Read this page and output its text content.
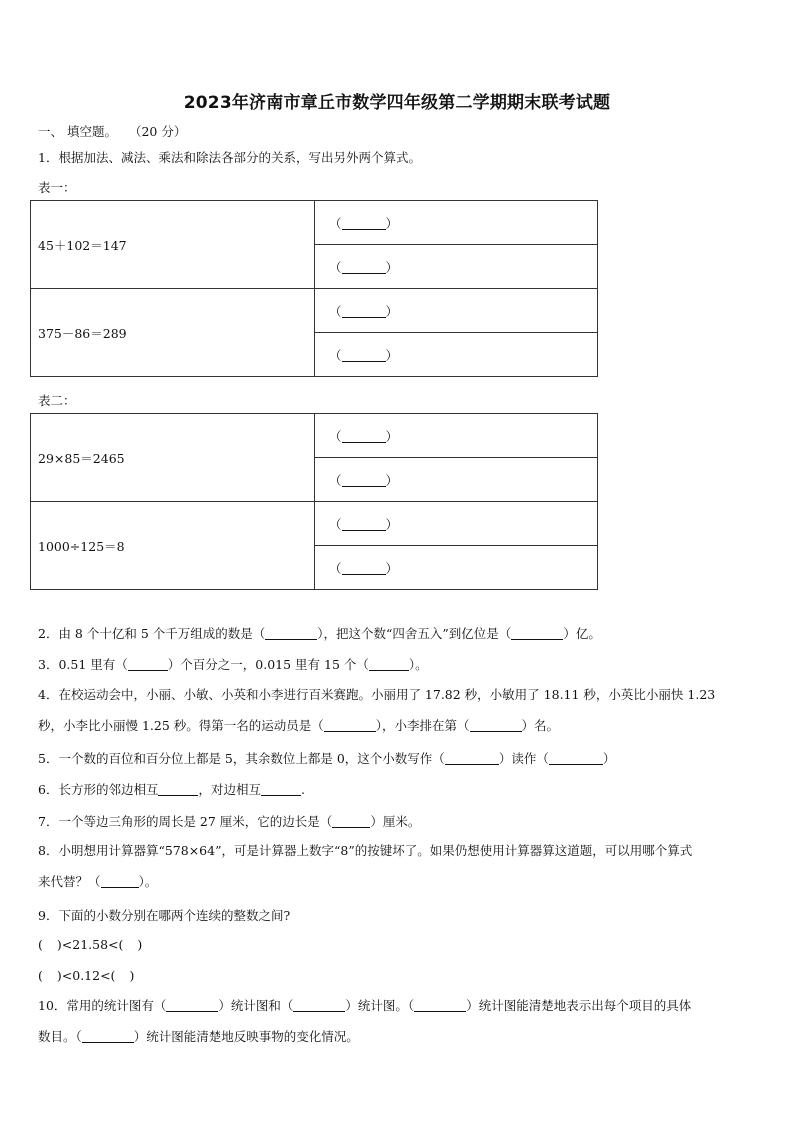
2023年济南市章丘市数学四年级第二学期期末联考试题
一、 填空题。 （20 分）
1．根据加法、减法、乘法和除法各部分的关系，写出另外两个算式。
表一：
45＋102＝147	（ ）
	（ ）
375－86＝289	（ ）
	（ ）
表二：
29×85＝2465	（ ）
	（ ）
1000÷125＝8	（ ）
	（ ）
2．由 8 个十亿和 5 个千万组成的数是（	），把这个数“四舍五入”到亿位是（	）亿。
3．0.51 里有（	）个百分之一，0.015 里有 15 个（	）。
4．在校运动会中，小丽、小敏、小英和小李进行百米赛跑。小丽用了 17.82 秒，小敏用了 18.11 秒，小英比小丽快 1.23
秒，小李比小丽慢 1.25 秒。得第一名的运动员是（	），小李排在第（	）名。
5．一个数的百位和百分位上都是 5，其余数位上都是 0，这个小数写作（	）读作（	）
6．长方形的邻边相互	，对边相互	.
7．一个等边三角形的周长是 27 厘米，它的边长是（	）厘米。
8．小明想用计算器算“578×64”，可是计算器上数字“8”的按键坏了。如果仍想使用计算器算这道题，可以用哪个算式
来代替？（	）。
9．下面的小数分别在哪两个连续的整数之间?
( )<21.58<( )
( )<0.12<( )
10．常用的统计图有（	）统计图和（	）统计图。（	）统计图能清楚地表示出每个项目的具体
数目。（	）统计图能清楚地反映事物的变化情况。
